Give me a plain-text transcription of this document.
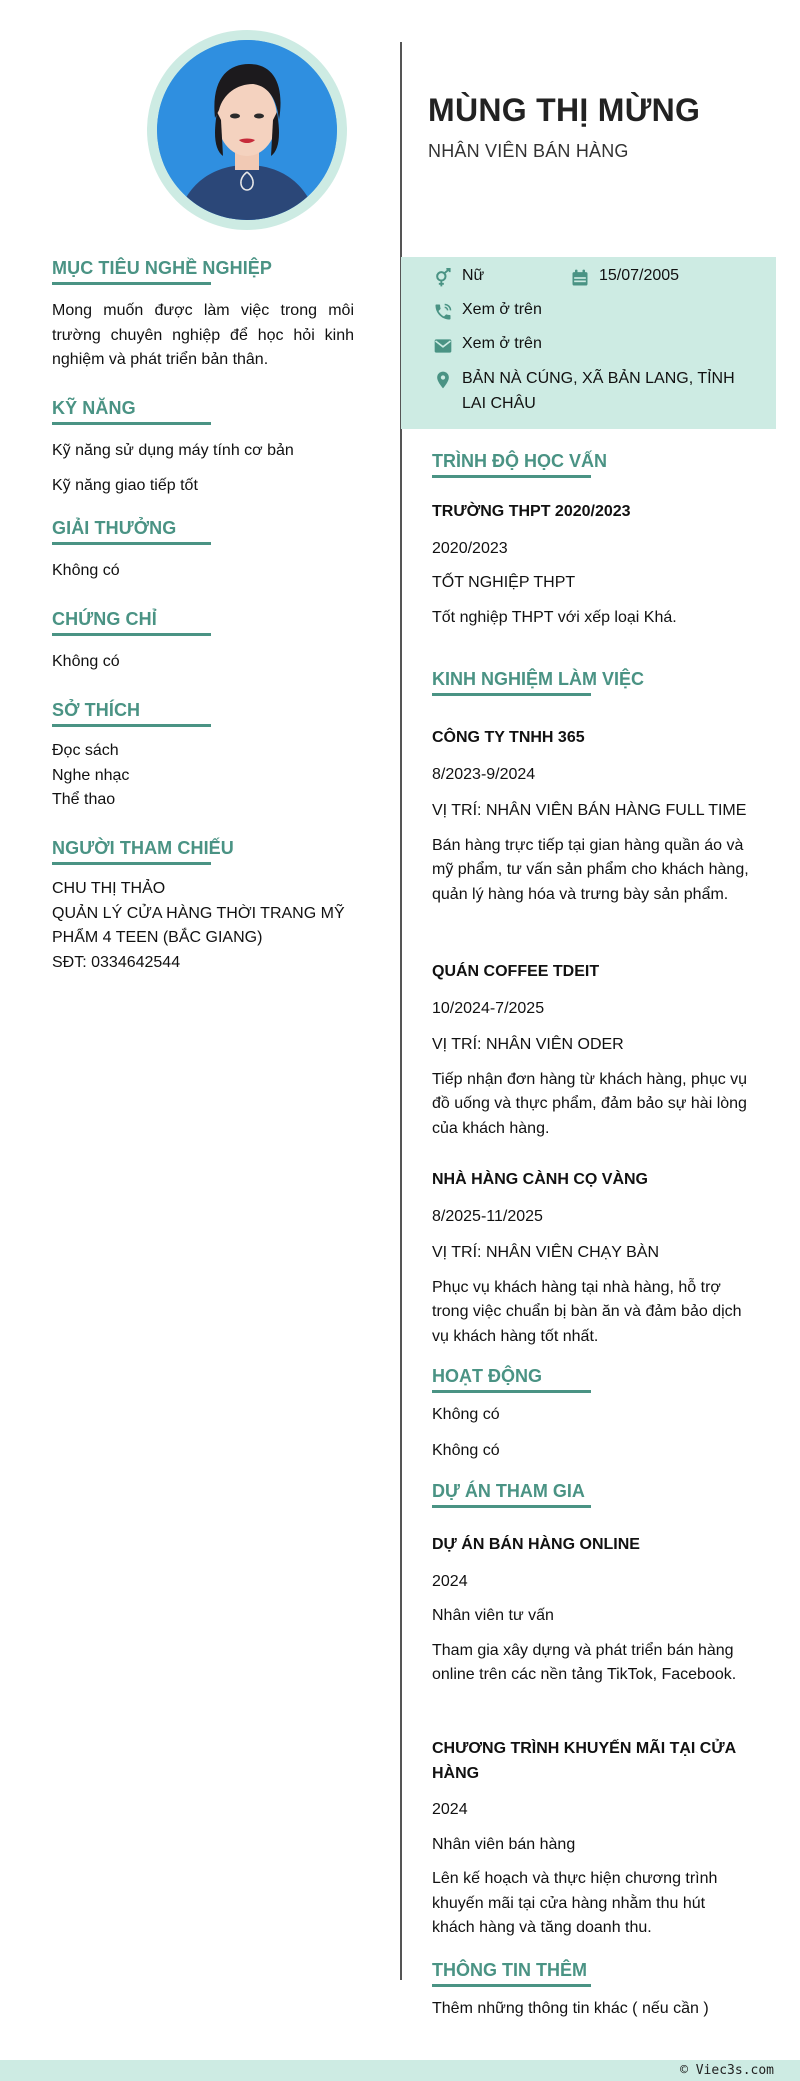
MỤC TIÊU NGHỀ NGHIỆP
Mong muốn được làm việc trong môi trường chuyên nghiệp để học hỏi kinh nghiệm và phát triển bản thân.
KỸ NĂNG
Kỹ năng sử dụng máy tính cơ bản
Kỹ năng giao tiếp tốt
GIẢI THƯỞNG
Không có
CHỨNG CHỈ
Không có
SỞ THÍCH
Đọc sách
Nghe nhạc
Thể thao
NGƯỜI THAM CHIẾU
CHU THỊ THẢO
QUẢN LÝ CỬA HÀNG THỜI TRANG MỸ PHẨM 4 TEEN (BẮC GIANG)
SĐT: 0334642544
MÙNG THỊ MỪNG
NHÂN VIÊN BÁN HÀNG
Nữ	15/07/2005
Xem ở trên
Xem ở trên
BẢN NÀ CÚNG, XÃ BẢN LANG, TỈNH LAI CHÂU
TRÌNH ĐỘ HỌC VẤN
TRƯỜNG THPT 2020/2023
2020/2023
TỐT NGHIỆP THPT
Tốt nghiệp THPT với xếp loại Khá.
KINH NGHIỆM LÀM VIỆC
CÔNG TY TNHH 365
8/2023-9/2024
VỊ TRÍ: NHÂN VIÊN BÁN HÀNG FULL TIME
Bán hàng trực tiếp tại gian hàng quần áo và mỹ phẩm, tư vấn sản phẩm cho khách hàng, quản lý hàng hóa và trưng bày sản phẩm.
QUÁN COFFEE TDEIT
10/2024-7/2025
VỊ TRÍ: NHÂN VIÊN ODER
Tiếp nhận đơn hàng từ khách hàng, phục vụ đồ uống và thực phẩm, đảm bảo sự hài lòng của khách hàng.
NHÀ HÀNG CÀNH CỌ VÀNG
8/2025-11/2025
VỊ TRÍ: NHÂN VIÊN CHẠY BÀN
Phục vụ khách hàng tại nhà hàng, hỗ trợ trong việc chuẩn bị bàn ăn và đảm bảo dịch vụ khách hàng tốt nhất.
HOẠT ĐỘNG
Không có
Không có
DỰ ÁN THAM GIA
DỰ ÁN BÁN HÀNG ONLINE
2024
Nhân viên tư vấn
Tham gia xây dựng và phát triển bán hàng online trên các nền tảng TikTok, Facebook.
CHƯƠNG TRÌNH KHUYẾN MÃI TẠI CỬA HÀNG
2024
Nhân viên bán hàng
Lên kế hoạch và thực hiện chương trình khuyến mãi tại cửa hàng nhằm thu hút khách hàng và tăng doanh thu.
THÔNG TIN THÊM
Thêm những thông tin khác ( nếu cần )
© Viec3s.com
